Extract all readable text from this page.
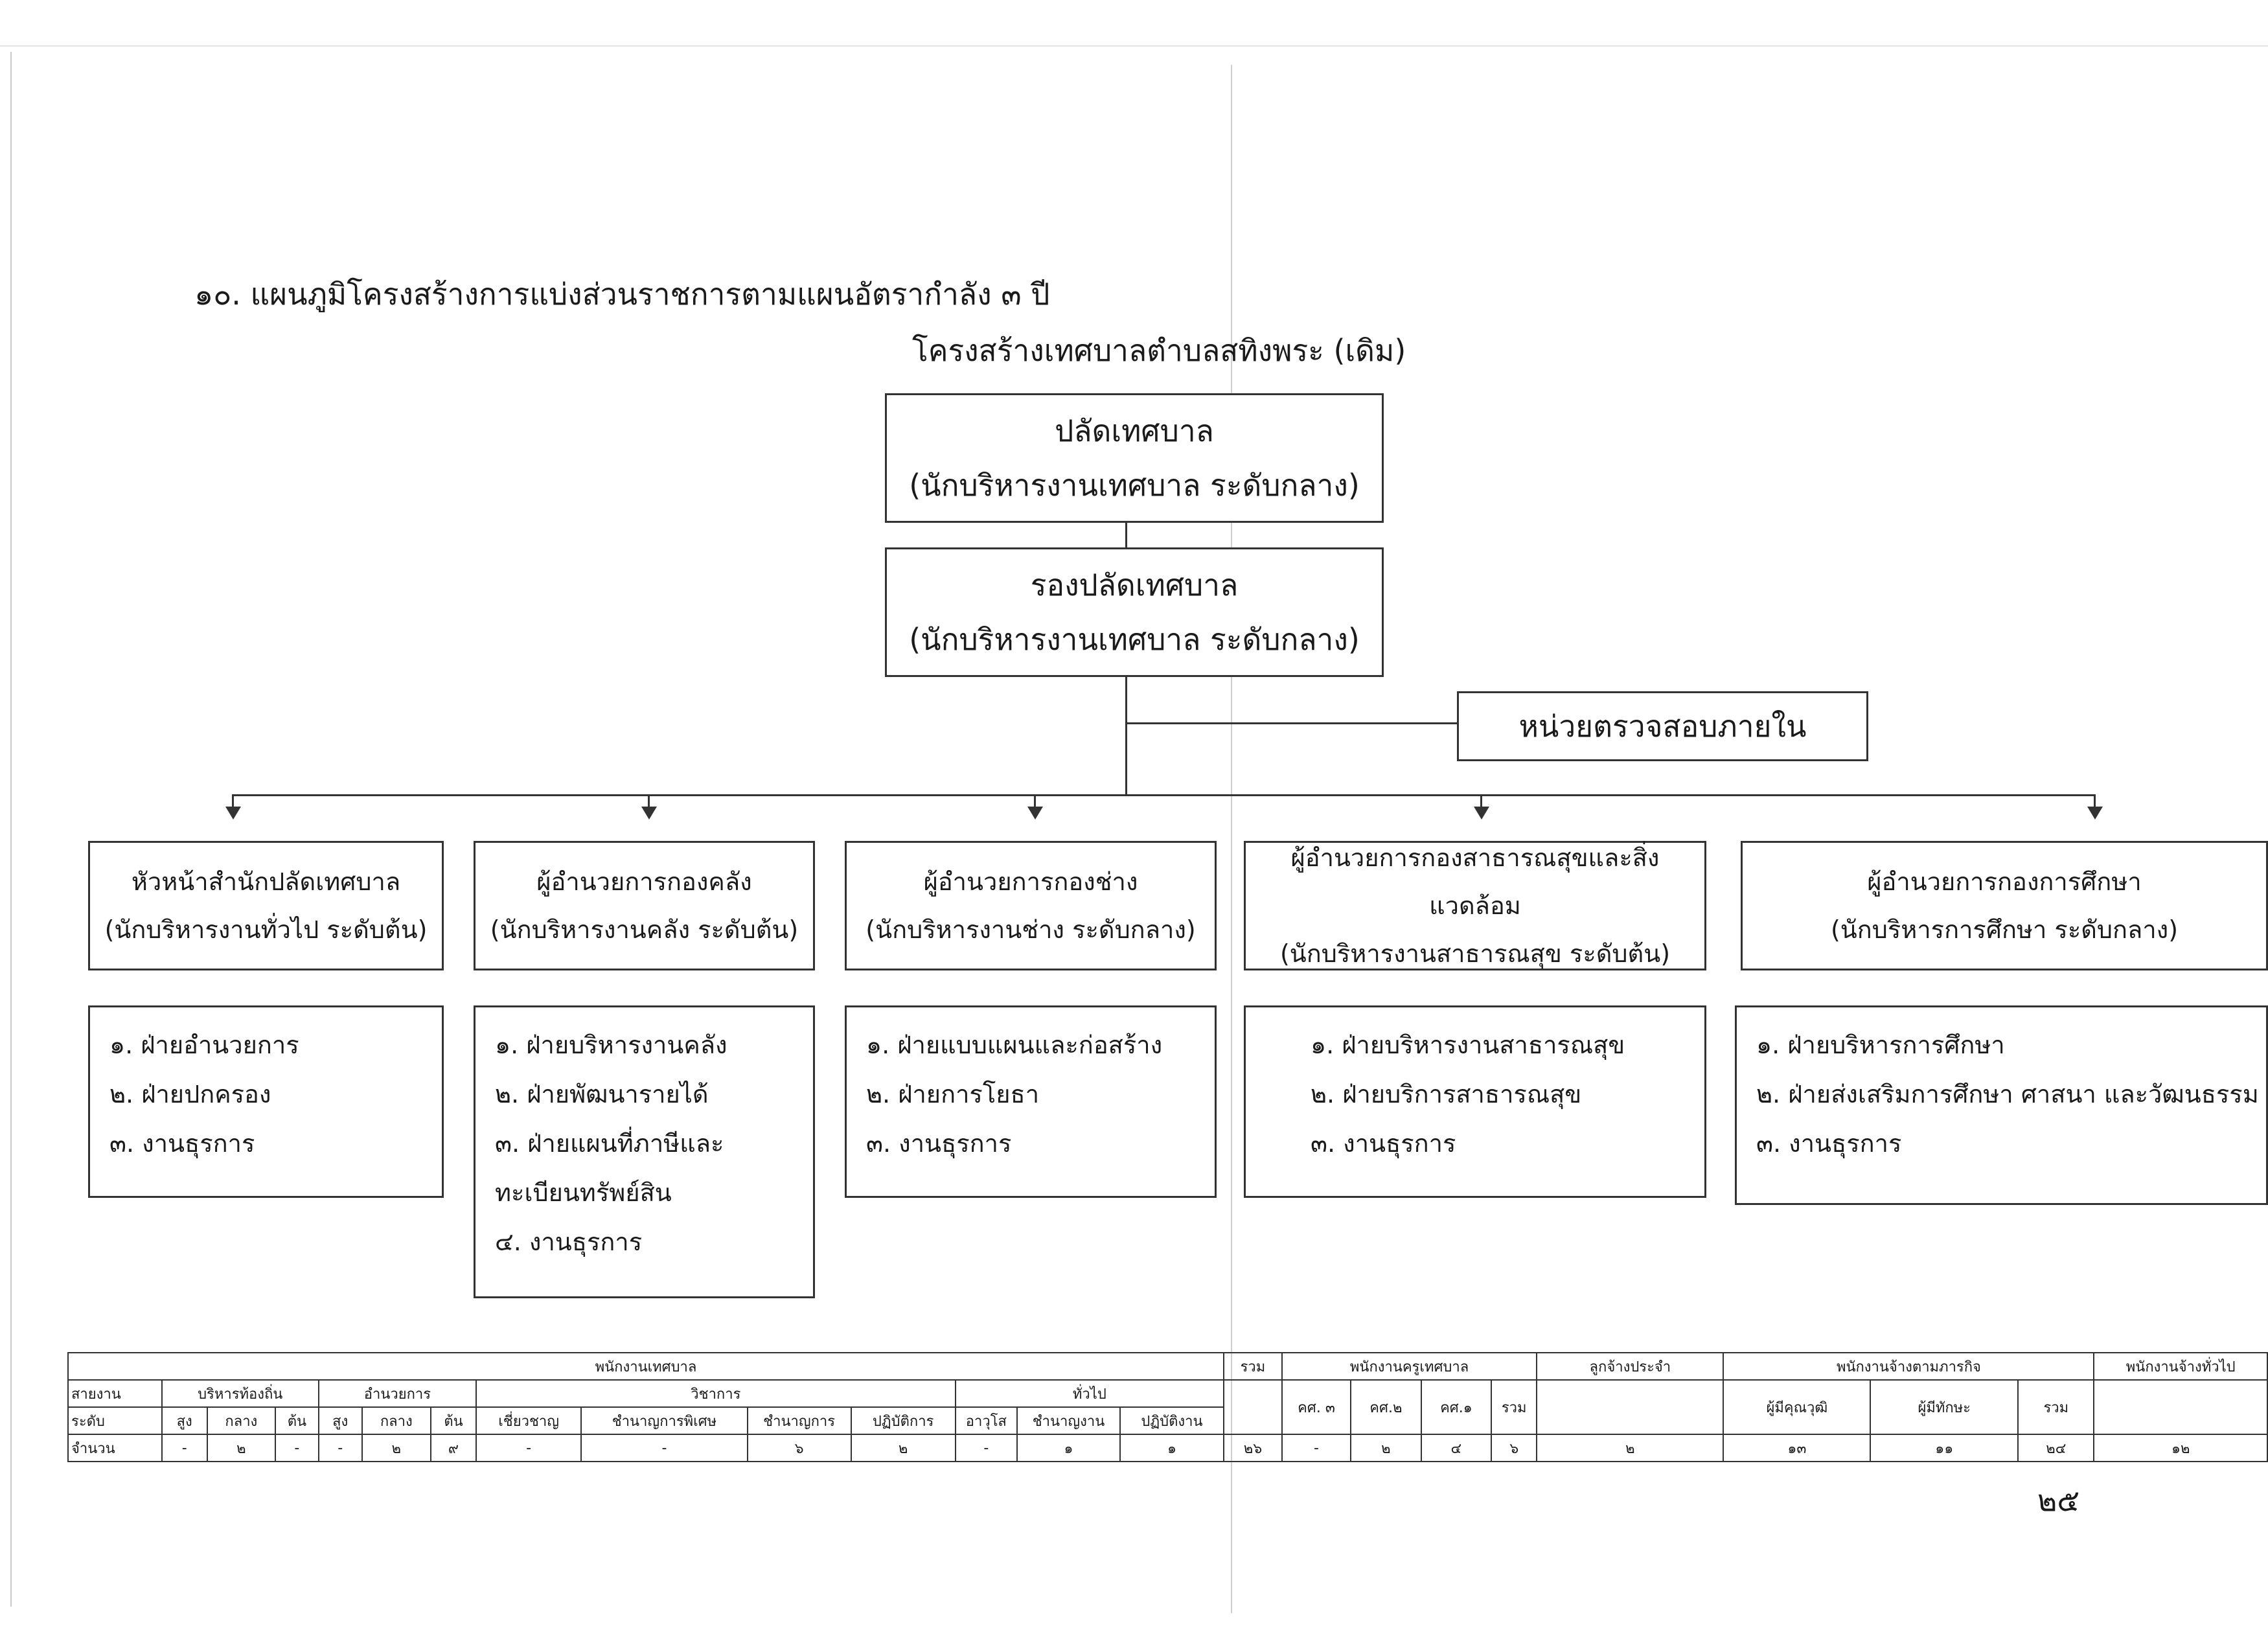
๑๐. แผนภูมิโครงสร้างการแบ่งส่วนราชการตามแผนอัตรากำลัง ๓ ปี
โครงสร้างเทศบาลตำบลสทิงพระ (เดิม)
ปลัดเทศบาล
(นักบริหารงานเทศบาล ระดับกลาง)
รองปลัดเทศบาล
(นักบริหารงานเทศบาล ระดับกลาง)
หน่วยตรวจสอบภายใน
หัวหน้าสำนักปลัดเทศบาล
(นักบริหารงานทั่วไป ระดับต้น)
ผู้อำนวยการกองคลัง
(นักบริหารงานคลัง ระดับต้น)
ผู้อำนวยการกองช่าง
(นักบริหารงานช่าง ระดับกลาง)
ผู้อำนวยการกองสาธารณสุขและสิ่งแวดล้อม
(นักบริหารงานสาธารณสุข ระดับต้น)
ผู้อำนวยการกองการศึกษา
(นักบริหารการศึกษา ระดับกลาง)
๑. ฝ่ายอำนวยการ
๒. ฝ่ายปกครอง
๓. งานธุรการ
๑. ฝ่ายบริหารงานคลัง
๒. ฝ่ายพัฒนารายได้
๓. ฝ่ายแผนที่ภาษีและ
ทะเบียนทรัพย์สิน
๔. งานธุรการ
๑. ฝ่ายแบบแผนและก่อสร้าง
๒. ฝ่ายการโยธา
๓. งานธุรการ
๑. ฝ่ายบริหารงานสาธารณสุข
๒. ฝ่ายบริการสาธารณสุข
๓. งานธุรการ
๑. ฝ่ายบริหารการศึกษา
๒. ฝ่ายส่งเสริมการศึกษา ศาสนา และวัฒนธรรม
๓. งานธุรการ
พนักงานเทศบาล														รวม	พนักงานครูเทศบาล				ลูกจ้างประจำ	พนักงานจ้างตามภารกิจ			พนักงานจ้างทั่วไป
สายงาน	บริหารท้องถิ่น			อำนวยการ			วิชาการ				ทั่วไป				คศ. ๓	คศ.๒	คศ.๑	รวม		ผู้มีคุณวุฒิ	ผู้มีทักษะ	รวม	
ระดับ	สูง	กลาง	ต้น	สูง	กลาง	ต้น	เชี่ยวชาญ	ชำนาญการพิเศษ	ชำนาญการ	ปฏิบัติการ	อาวุโส	ชำนาญงาน	ปฏิบัติงาน										
จำนวน	-	๒	-	-	๒	๙	-	-	๖	๒	-	๑	๑	๒๖	-	๒	๔	๖	๒	๑๓	๑๑	๒๔	๑๒
๒๕
